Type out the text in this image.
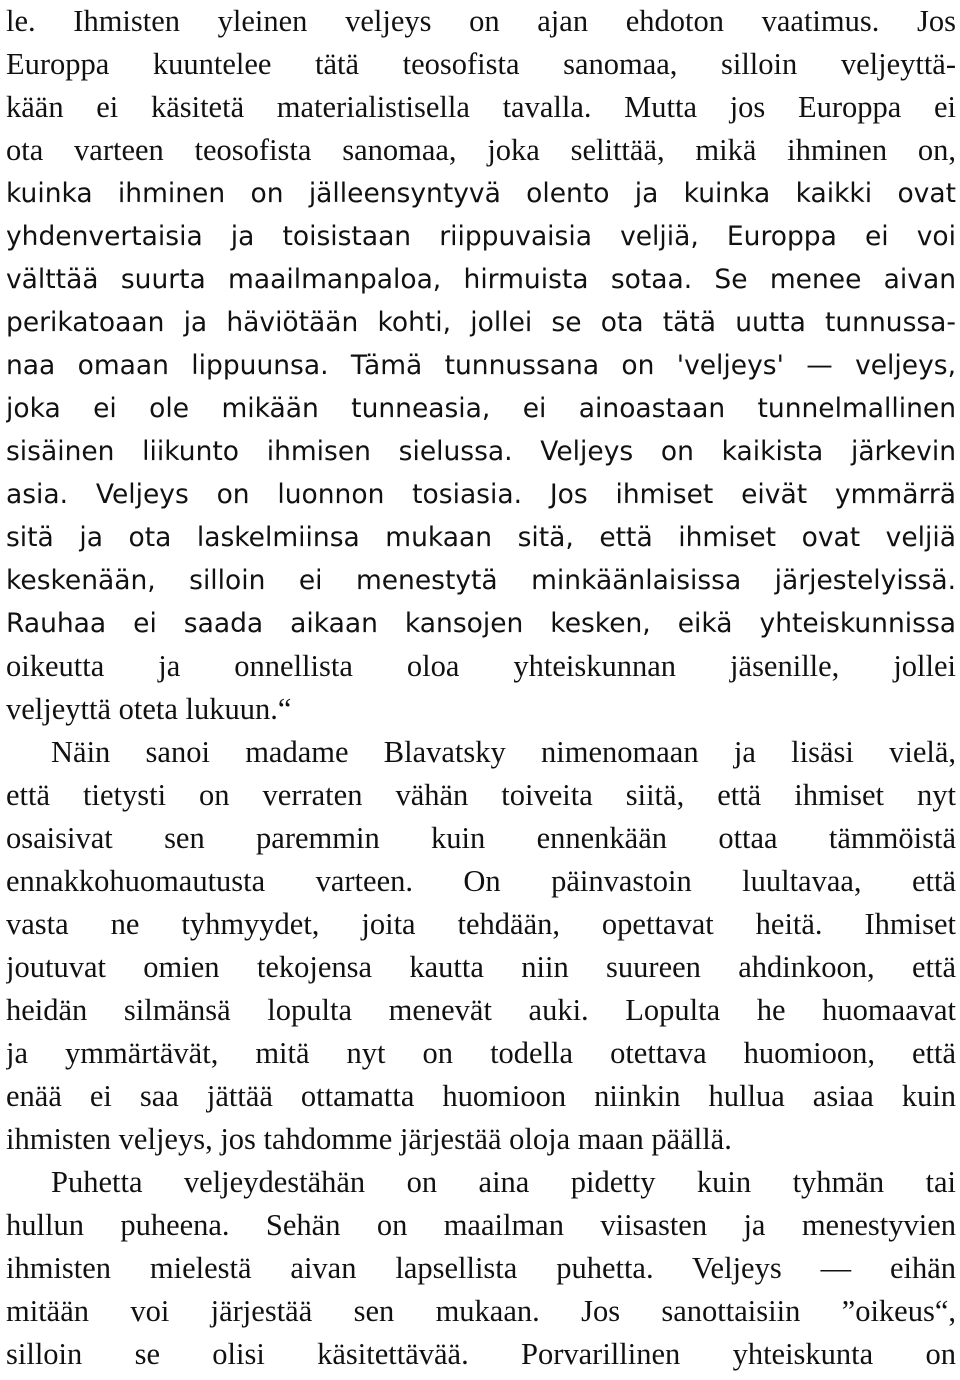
le. Ihmisten yleinen veljeys on ajan ehdoton vaatimus. Jos
Europpa kuuntelee tätä teosofista sanomaa, silloin veljeyttä-
kään ei käsitetä materialistisella tavalla. Mutta jos Europpa ei
ota varteen teosofista sanomaa, joka selittää, mikä ihminen on,
kuinka ihminen on jälleensyntyvä olento ja kuinka kaikki ovat
yhdenvertaisia ja toisistaan riippuvaisia veljiä, Europpa ei voi
välttää suurta maailmanpaloa, hirmuista sotaa. Se menee aivan
perikatoaan ja häviötään kohti, jollei se ota tätä uutta tunnussa-
naa omaan lippuunsa. Tämä tunnussana on 'veljeys' — veljeys,
joka ei ole mikään tunneasia, ei ainoastaan tunnelmallinen
sisäinen liikunto ihmisen sielussa. Veljeys on kaikista järkevin
asia. Veljeys on luonnon tosiasia. Jos ihmiset eivät ymmärrä
sitä ja ota laskelmiinsa mukaan sitä, että ihmiset ovat veljiä
keskenään, silloin ei menestytä minkäänlaisissa järjestelyissä.
Rauhaa ei saada aikaan kansojen kesken, eikä yhteiskunnissa
oikeutta ja onnellista oloa yhteiskunnan jäsenille, jollei
veljeyttä oteta lukuun.“
Näin sanoi madame Blavatsky nimenomaan ja lisäsi vielä,
että tietysti on verraten vähän toiveita siitä, että ihmiset nyt
osaisivat sen paremmin kuin ennenkään ottaa tämmöistä
ennakkohuomautusta varteen. On päinvastoin luultavaa, että
vasta ne tyhmyydet, joita tehdään, opettavat heitä. Ihmiset
joutuvat omien tekojensa kautta niin suureen ahdinkoon, että
heidän silmänsä lopulta menevät auki. Lopulta he huomaavat
ja ymmärtävät, mitä nyt on todella otettava huomioon, että
enää ei saa jättää ottamatta huomioon niinkin hullua asiaa kuin
ihmisten veljeys, jos tahdomme järjestää oloja maan päällä.
Puhetta veljeydestähän on aina pidetty kuin tyhmän tai
hullun puheena. Sehän on maailman viisasten ja menestyvien
ihmisten mielestä aivan lapsellista puhetta. Veljeys — eihän
mitään voi järjestää sen mukaan. Jos sanottaisiin ”oikeus“,
silloin se olisi käsitettävää. Porvarillinen yhteiskunta on
